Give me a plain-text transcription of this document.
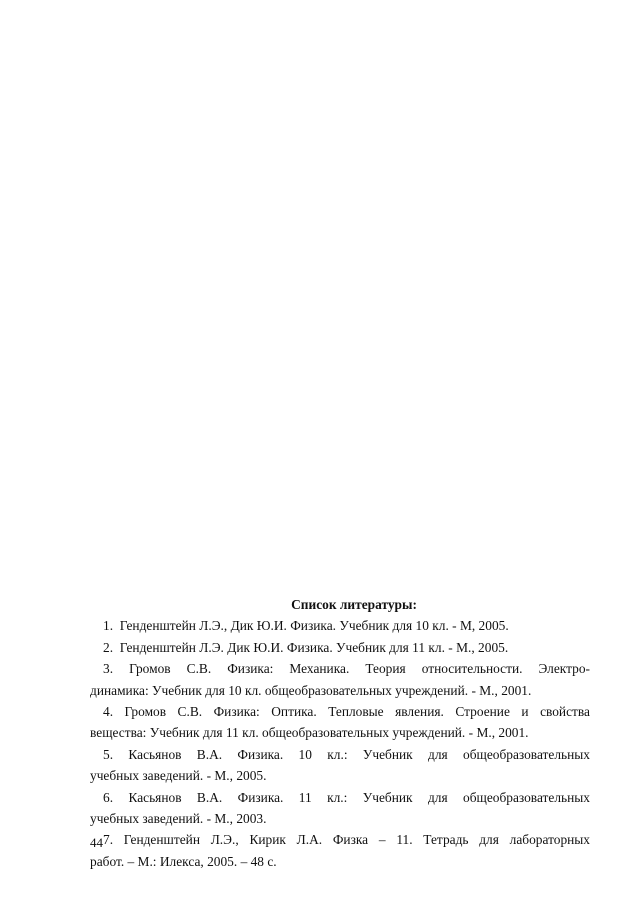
Список литературы:

1.  Генденштейн Л.Э., Дик Ю.И. Физика. Учебник для 10 кл. - М, 2005.

2.  Генденштейн Л.Э. Дик Ю.И. Физика. Учебник для 11 кл. - М., 2005.

3. Громов С.В. Физика: Механика. Теория относительности. Электро-

динамика: Учебник для 10 кл. общеобразовательных учреждений. - М., 2001.

4. Громов С.В. Физика: Оптика. Тепловые явления. Строение и свойства

вещества: Учебник для 11 кл. общеобразовательных учреждений. - М., 2001.

5. Касьянов В.А. Физика. 10 кл.: Учебник для общеобразовательных

учебных заведений. - М., 2005.

6. Касьянов В.А. Физика. 11 кл.: Учебник для общеобразовательных

учебных заведений. - М., 2003.

7. Генденштейн Л.Э., Кирик Л.А. Физка – 11. Тетрадь для лабораторных

работ. – М.: Илекса, 2005. – 48 с.

44
